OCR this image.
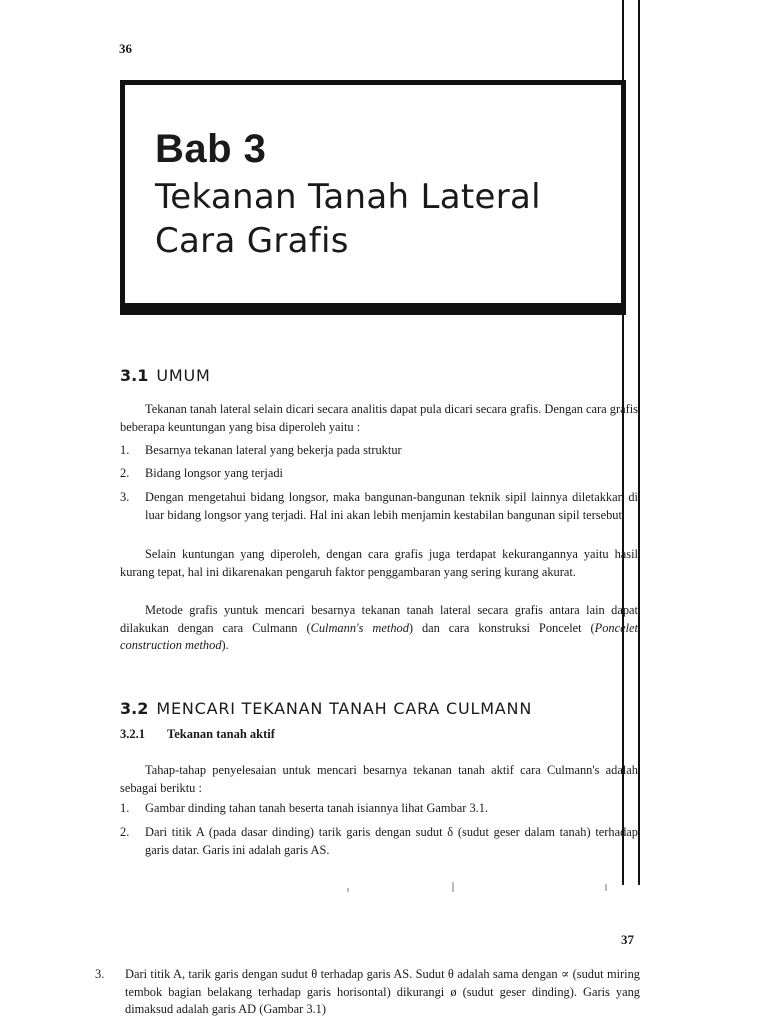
36
Bab 3
Tekanan Tanah Lateral
Cara Grafis
3.1 UMUM
Tekanan tanah lateral selain dicari secara analitis dapat pula dicari secara grafis. Dengan cara grafis beberapa keuntungan yang bisa diperoleh yaitu :
1. Besarnya tekanan lateral yang bekerja pada struktur
2. Bidang longsor yang terjadi
3. Dengan mengetahui bidang longsor, maka bangunan-bangunan teknik sipil lainnya diletakkan di luar bidang longsor yang terjadi. Hal ini akan lebih menjamin kestabilan bangunan sipil tersebut.
Selain kuntungan yang diperoleh, dengan cara grafis juga terdapat kekurangannya yaitu hasil kurang tepat, hal ini dikarenakan pengaruh faktor penggambaran yang sering kurang akurat.
Metode grafis yuntuk mencari besarnya tekanan tanah lateral secara grafis antara lain dapat dilakukan dengan cara Culmann (Culmann's method) dan cara konstruksi Poncelet (Poncelet construction method).
3.2 MENCARI TEKANAN TANAH CARA CULMANN
3.2.1 Tekanan tanah aktif
Tahap-tahap penyelesaian untuk mencari besarnya tekanan tanah aktif cara Culmann's adalah sebagai beriktu :
1. Gambar dinding tahan tanah beserta tanah isiannya lihat Gambar 3.1.
2. Dari titik A (pada dasar dinding) tarik garis dengan sudut δ (sudut geser dalam tanah) terhadap garis datar. Garis ini adalah garis AS.
37
3. Dari titik A, tarik garis dengan sudut θ terhadap garis AS. Sudut θ adalah sama dengan ∝ (sudut miring tembok bagian belakang terhadap garis horisontal) dikurangi ø (sudut geser dinding). Garis yang dimaksud adalah garis AD (Gambar 3.1)
